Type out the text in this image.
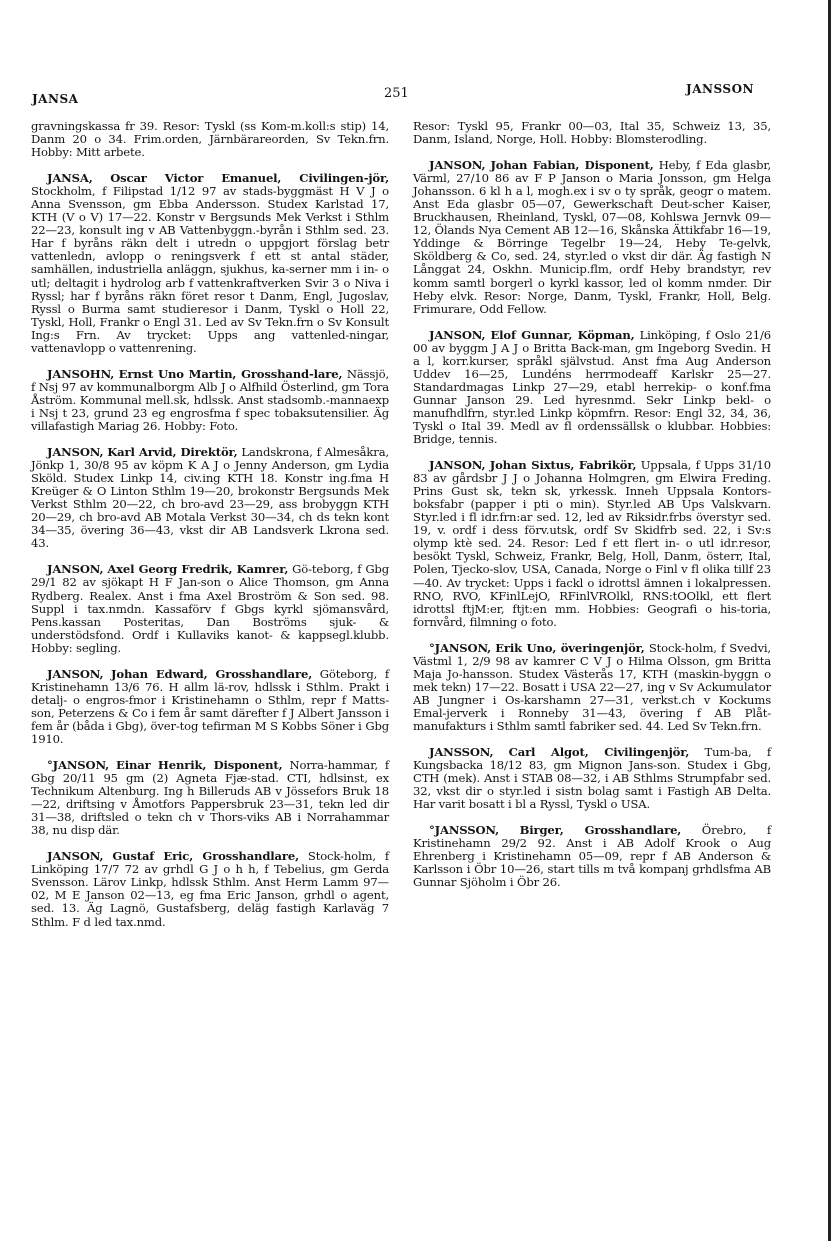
JANSA	251	JANSSON

gravningskassa fr 39. Resor: Tyskl (ss Kom-m.koll:s stip) 14, Danm 20 o 34. Frim.orden, Järnbärareorden, Sv Tekn.frn. Hobby: Mitt arbete.

JANSA, Oscar Victor Emanuel, Civilingen-jör, Stockholm, f Filipstad 1/12 97 av stads-byggmäst H V J o Anna Svensson, gm Ebba Andersson. Studex Karlstad 17, KTH (V o V) 17—22. Konstr v Bergsunds Mek Verkst i Sthlm 22—23, konsult ing v AB Vattenbyggn.-byrån i Sthlm sed. 23. Har f byråns räkn delt i utredn o uppgjort förslag betr vattenledn, avlopp o reningsverk f ett st antal städer, samhällen, industriella anläggn, sjukhus, ka-serner mm i in- o utl; deltagit i hydrolog arb f vattenkraftverken Svir 3 o Niva i Ryssl; har f byråns räkn föret resor t Danm, Engl, Jugoslav, Ryssl o Burma samt studieresor i Danm, Tyskl o Holl 22, Tyskl, Holl, Frankr o Engl 31. Led av Sv Tekn.frn o Sv Konsult Ing:s Frn. Av trycket: Upps ang vattenled-ningar, vattenavlopp o vattenrening.

JANSOHN, Ernst Uno Martin, Grosshand-lare, Nässjö, f Nsj 97 av kommunalborgm Alb J o Alfhild Österlind, gm Tora Åström. Kommunal mell.sk, hdlssk. Anst stadsomb.-mannaexp i Nsj t 23, grund 23 eg engrosfma f spec tobaksutensilier. Äg villafastigh Mariag 26. Hobby: Foto.

JANSON, Karl Arvid, Direktör, Landskrona, f Almesåkra, Jönkp 1, 30/8 95 av köpm K A J o Jenny Anderson, gm Lydia Sköld. Studex Linkp 14, civ.ing KTH 18. Konstr ing.fma H Kreüger & O Linton Sthlm 19—20, brokonstr Bergsunds Mek Verkst Sthlm 20—22, ch bro-avd 23—29, ass brobyggn KTH 20—29, ch bro-avd AB Motala Verkst 30—34, ch ds tekn kont 34—35, övering 36—43, vkst dir AB Landsverk Lkrona sed. 43.

JANSON, Axel Georg Fredrik, Kamrer, Gö-teborg, f Gbg 29/1 82 av sjökapt H F Jan-son o Alice Thomson, gm Anna Rydberg. Realex. Anst i fma Axel Broström & Son sed. 98. Suppl i tax.nmdn. Kassaförv f Gbgs kyrkl sjömansvård, Pens.kassan Posteritas, Dan Boströms sjuk- & understödsfond. Ordf i Kullaviks kanot- & kappsegl.klubb. Hobby: segling.

JANSON, Johan Edward, Grosshandlare, Göteborg, f Kristinehamn 13/6 76. H allm lä-rov, hdlssk i Sthlm. Prakt i detalj- o engros-fmor i Kristinehamn o Sthlm, repr f Matts-son, Peterzens & Co i fem år samt därefter f J Albert Jansson i fem år (båda i Gbg), över-tog tefirman M S Kobbs Söner i Gbg 1910.

°JANSON, Einar Henrik, Disponent, Norra-hammar, f Gbg 20/11 95 gm (2) Agneta Fjæ-stad. CTI, hdlsinst, ex Technikum Altenburg. Ing h Billeruds AB v Jössefors Bruk 18—22, driftsing v Åmotfors Pappersbruk 23—31, tekn led dir 31—38, driftsled o tekn ch v Thors-viks AB i Norrahammar 38, nu disp där.

JANSON, Gustaf Eric, Grosshandlare, Stock-holm, f Linköping 17/7 72 av grhdl G J o h h, f Tebelius, gm Gerda Svensson. Lärov Linkp, hdlssk Sthlm. Anst Herm Lamm 97—02, M E Janson 02—13, eg fma Eric Janson, grhdl o agent, sed. 13. Äg Lagnö, Gustafsberg, deläg fastigh Karlaväg 7 Sthlm. F d led tax.nmd.

Resor: Tyskl 95, Frankr 00—03, Ital 35, Schweiz 13, 35, Danm, Island, Norge, Holl. Hobby: Blomsterodling.

JANSON, Johan Fabian, Disponent, Heby, f Eda glasbr, Värml, 27/10 86 av F P Janson o Maria Jonsson, gm Helga Johansson. 6 kl h a l, mogh.ex i sv o ty språk, geogr o matem. Anst Eda glasbr 05—07, Gewerkschaft Deut-scher Kaiser, Bruckhausen, Rheinland, Tyskl, 07—08, Kohlswa Jernvk 09—12, Ölands Nya Cement AB 12—16, Skånska Ättikfabr 16—19, Yddinge & Börringe Tegelbr 19—24, Heby Te-gelvk, Sköldberg & Co, sed. 24, styr.led o vkst dir där. Äg fastigh N Långgat 24, Oskhn. Municip.flm, ordf Heby brandstyr, rev komm samtl borgerl o kyrkl kassor, led ol komm nmder. Dir Heby elvk. Resor: Norge, Danm, Tyskl, Frankr, Holl, Belg. Frimurare, Odd Fellow.

JANSON, Elof Gunnar, Köpman, Linköping, f Oslo 21/6 00 av byggm J A J o Britta Back-man, gm Ingeborg Svedin. H a l, korr.kurser, språkl självstud. Anst fma Aug Anderson Uddev 16—25, Lundéns herrmodeaff Karlskr 25—27. Standardmagas Linkp 27—29, etabl herrekip- o konf.fma Gunnar Janson 29. Led hyresnmd. Sekr Linkp bekl- o manufhdlfrn, styr.led Linkp köpmfrn. Resor: Engl 32, 34, 36, Tyskl o Ital 39. Medl av fl ordenssällsk o klubbar. Hobbies: Bridge, tennis.

JANSON, Johan Sixtus, Fabrikör, Uppsala, f Upps 31/10 83 av gårdsbr J J o Johanna Holmgren, gm Elwira Freding. Prins Gust sk, tekn sk, yrkessk. Inneh Uppsala Kontors-boksfabr (papper i pti o min). Styr.led AB Ups Valskvarn. Styr.led i fl idr.frn:ar sed. 12, led av Riksidr.frbs överstyr sed. 19, v. ordf i dess förv.utsk, ordf Sv Skidfrb sed. 22, i Sv:s olymp ktè sed. 24. Resor: Led f ett flert in- o utl idr.resor, besökt Tyskl, Schweiz, Frankr, Belg, Holl, Danm, österr, Ital, Polen, Tjecko-slov, USA, Canada, Norge o Finl v fl olika tillf 23—40. Av trycket: Upps i fackl o idrottsl ämnen i lokalpressen. RNO, RVO, KFinlLejO, RFinlVROlkl, RNS:tOOlkl, ett flert idrottsl ftjM:er, ftjt:en mm. Hobbies: Geografi o his-toria, fornvård, filmning o foto.

°JANSON, Erik Uno, överingenjör, Stock-holm, f Svedvi, Västml 1, 2/9 98 av kamrer C V J o Hilma Olsson, gm Britta Maja Jo-hansson. Studex Västerås 17, KTH (maskin-byggn o mek tekn) 17—22. Bosatt i USA 22—27, ing v Sv Ackumulator AB Jungner i Os-karshamn 27—31, verkst.ch v Kockums Emal-jerverk i Ronneby 31—43, övering f AB Plåt-manufakturs i Sthlm samtl fabriker sed. 44. Led Sv Tekn.frn.

JANSSON, Carl Algot, Civilingenjör, Tum-ba, f Kungsbacka 18/12 83, gm Mignon Jans-son. Studex i Gbg, CTH (mek). Anst i STAB 08—32, i AB Sthlms Strumpfabr sed. 32, vkst dir o styr.led i sistn bolag samt i Fastigh AB Delta. Har varit bosatt i bl a Ryssl, Tyskl o USA.

°JANSSON, Birger, Grosshandlare, Örebro, f Kristinehamn 29/2 92. Anst i AB Adolf Krook o Aug Ehrenberg i Kristinehamn 05—09, repr f AB Anderson & Karlsson i Öbr 10—26, start tills m två kompanj grhdlsfma AB Gunnar Sjöholm i Öbr 26.
